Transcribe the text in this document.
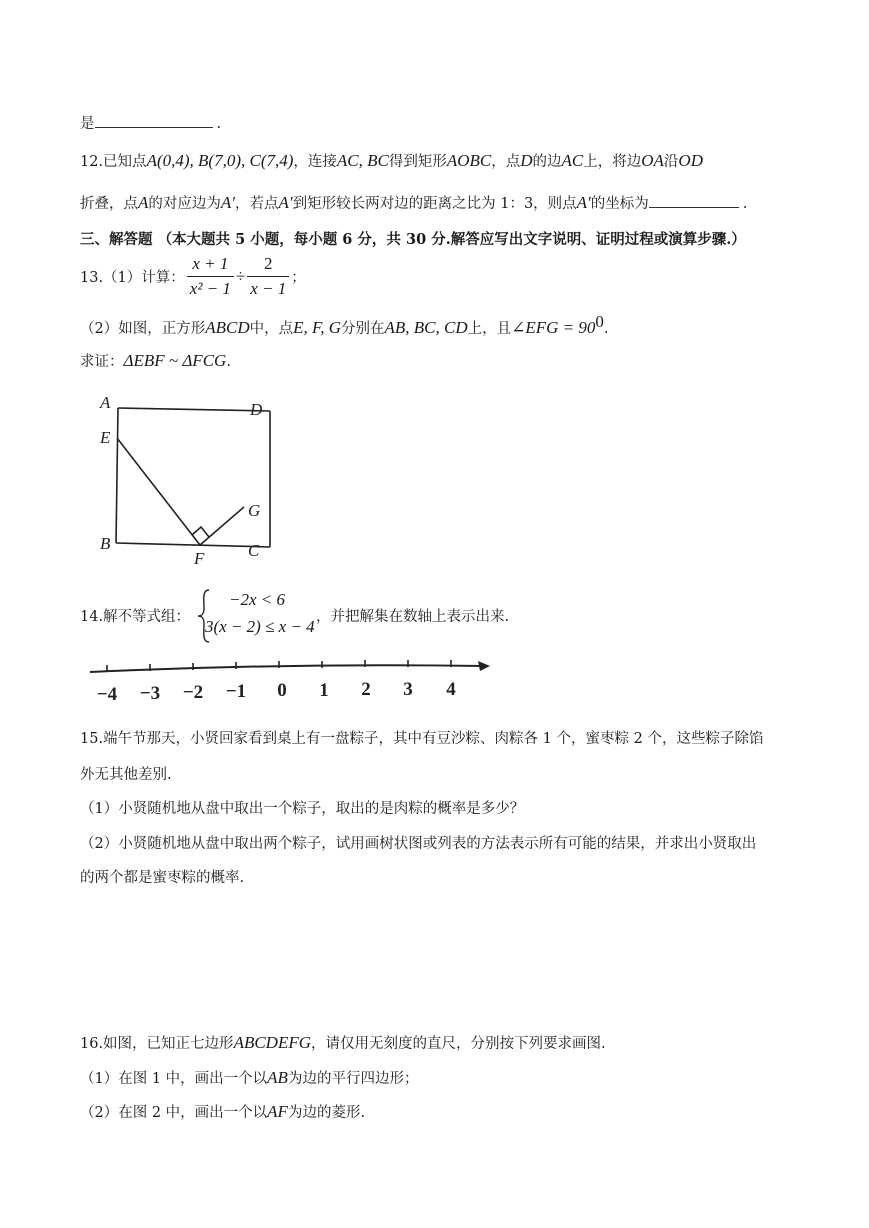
是	.
12.已知点A(0,4), B(7,0), C(7,4)，连接AC, BC得到矩形AOBC，点D的边AC上，将边OA沿OD
折叠，点A的对应边为A′，若点A′到矩形较长两对边的距离之比为 1：3，则点A′的坐标为	.
三、解答题 （本大题共 5 小题，每小题 6 分，共 30 分.解答应写出文字说明、证明过程或演算步骤.）
13.（1）计算： $\frac{x + 1}{\text{x² − 1}} \div \frac{2}{x - 1}$ ；
（2）如图，正方形ABCD中，点E, F, G分别在AB, BC, CD上，且∠EFG = $90^0$.
求证：ΔEBF ~ ΔFCG.
A	D
E
G
B
F	C
14.解不等式组：
−2x < 6
3(x − 2) ≤ x − 4 ，并把解集在数轴上表示出来.
−4 −3 −2 −1 0 1 2 3 4
15.端午节那天，小贤回家看到桌上有一盘粽子，其中有豆沙粽、肉粽各 1 个，蜜枣粽 2 个，这些粽子除馅
外无其他差别.
（1）小贤随机地从盘中取出一个粽子，取出的是肉粽的概率是多少？
（2）小贤随机地从盘中取出两个粽子，试用画树状图或列表的方法表示所有可能的结果，并求出小贤取出
的两个都是蜜枣粽的概率.
16.如图，已知正七边形ABCDEFG，请仅用无刻度的直尺，分别按下列要求画图.
（1）在图 1 中，画出一个以AB为边的平行四边形；
（2）在图 2 中，画出一个以AF为边的菱形.
